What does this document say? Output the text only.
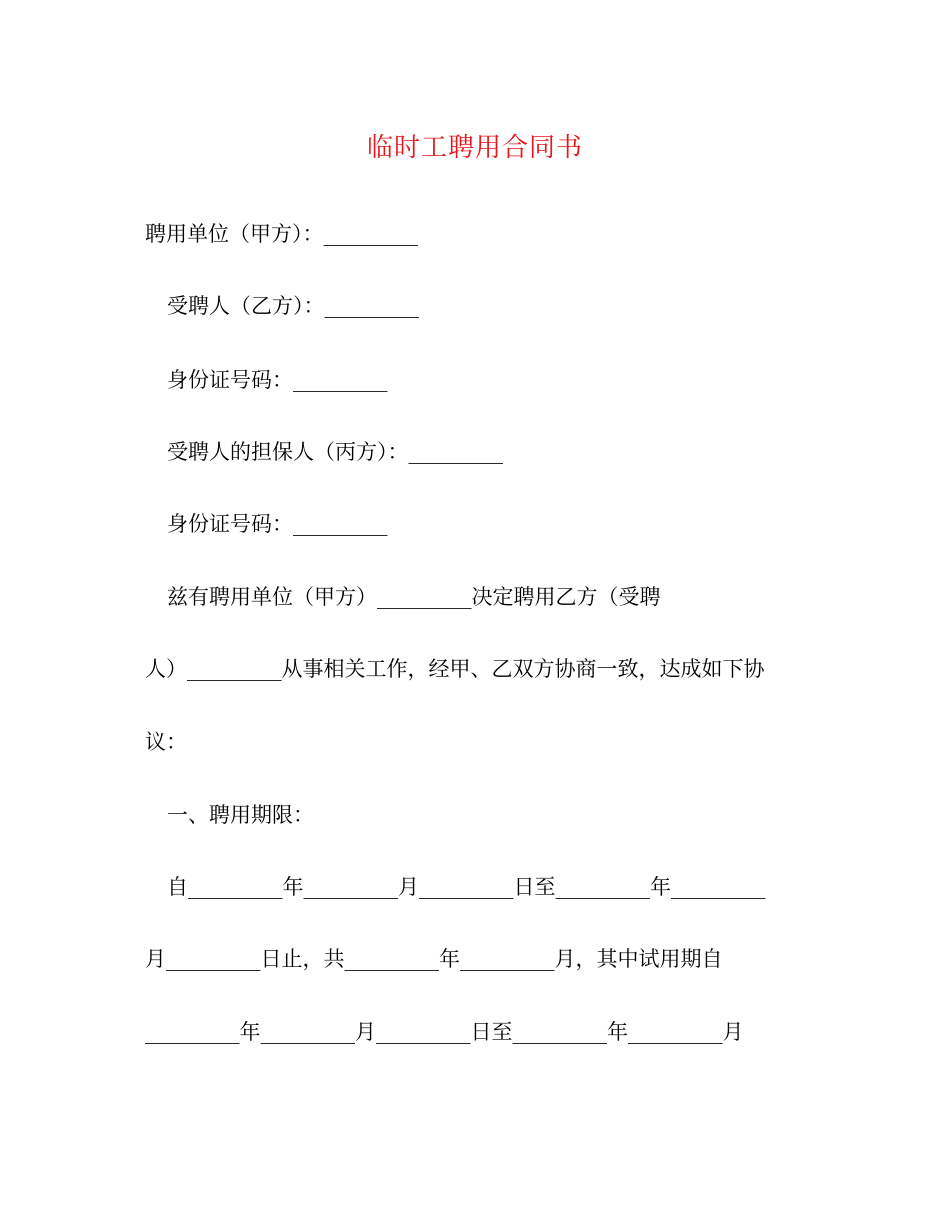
临时工聘用合同书
聘用单位（甲方）：_________
受聘人（乙方）：_________
身份证号码：_________
受聘人的担保人（丙方）：_________
身份证号码：_________
兹有聘用单位（甲方）_________决定聘用乙方（受聘
人）_________从事相关工作，经甲、乙双方协商一致，达成如下协
议：
一、聘用期限：
自_________年_________月_________日至_________年_________
月_________日止，共_________年_________月，其中试用期自
_________年_________月_________日至_________年_________月
